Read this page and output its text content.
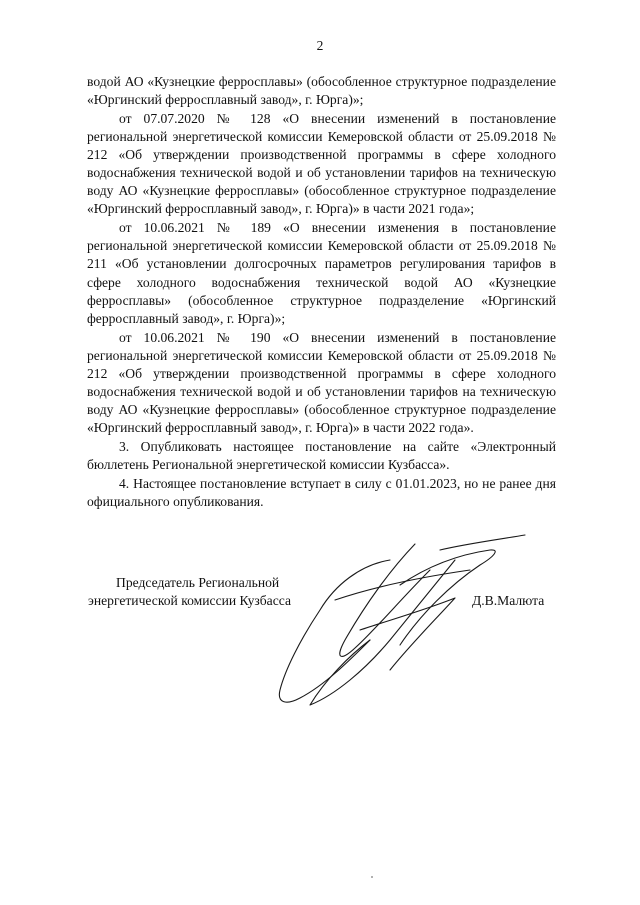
2

водой АО «Кузнецкие ферросплавы» (обособленное структурное подразделение «Юргинский ферросплавный завод», г. Юрга)»;

от 07.07.2020 № 128 «О внесении изменений в постановление региональной энергетической комиссии Кемеровской области от 25.09.2018 № 212 «Об утверждении производственной программы в сфере холодного водоснабжения технической водой и об установлении тарифов на техническую воду АО «Кузнецкие ферросплавы» (обособленное структурное подразделение «Юргинский ферросплавный завод», г. Юрга)» в части 2021 года»;

от 10.06.2021 № 189 «О внесении изменения в постановление региональной энергетической комиссии Кемеровской области от 25.09.2018 № 211 «Об установлении долгосрочных параметров регулирования тарифов в сфере холодного водоснабжения технической водой АО «Кузнецкие ферросплавы» (обособленное структурное подразделение «Юргинский ферросплавный завод», г. Юрга)»;

от 10.06.2021 № 190 «О внесении изменений в постановление региональной энергетической комиссии Кемеровской области от 25.09.2018 № 212 «Об утверждении производственной программы в сфере холодного водоснабжения технической водой и об установлении тарифов на техническую воду АО «Кузнецкие ферросплавы» (обособленное структурное подразделение «Юргинский ферросплавный завод», г. Юрга)» в части 2022 года».

3. Опубликовать настоящее постановление на сайте «Электронный бюллетень Региональной энергетической комиссии Кузбасса».

4. Настоящее постановление вступает в силу с 01.01.2023, но не ранее дня официального опубликования.

Председатель Региональной
энергетической комиссии Кузбасса	Д.В.Малюта
